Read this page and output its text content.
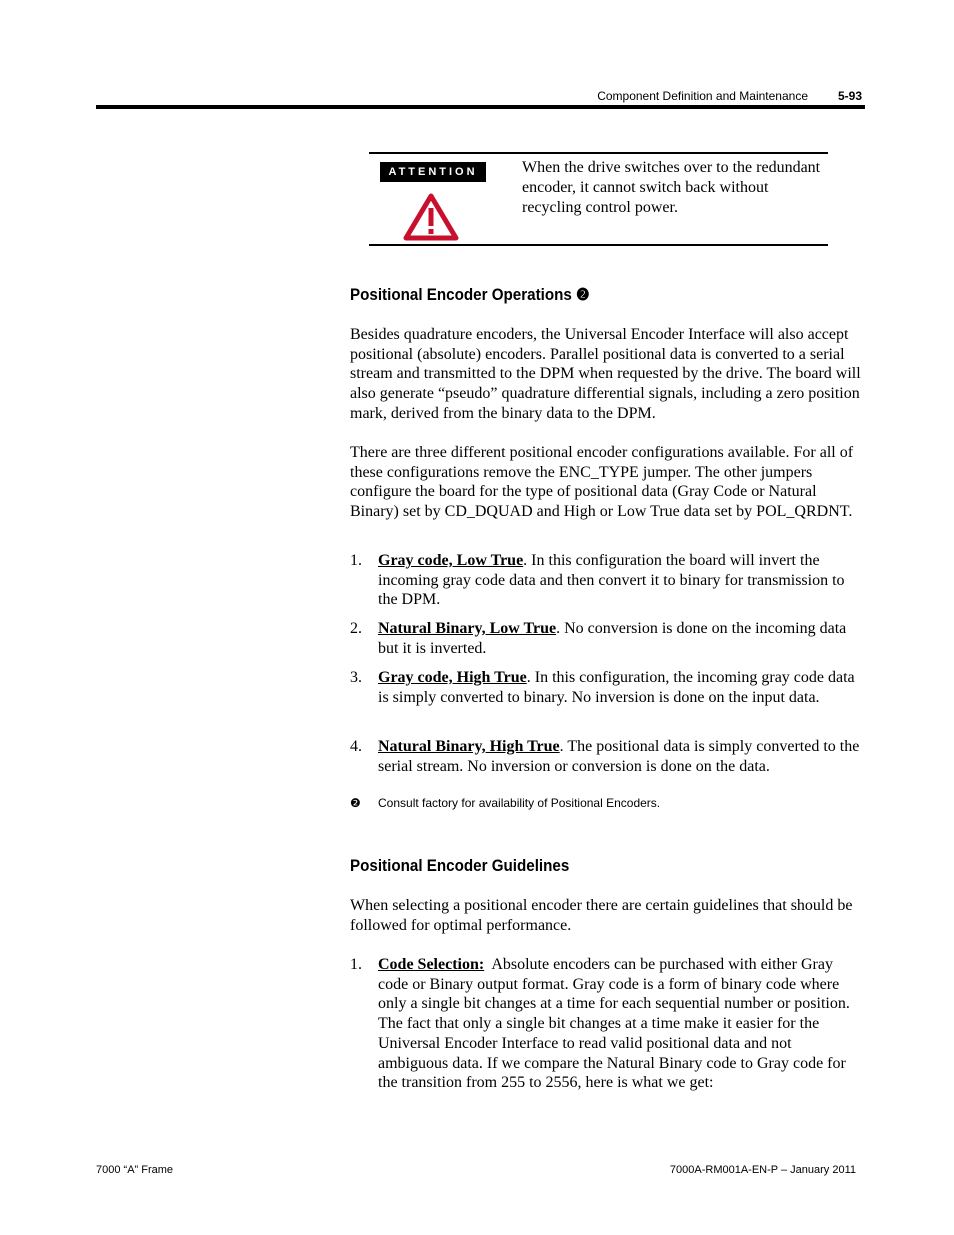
Component Definition and Maintenance	5-93
ATTENTION	When the drive switches over to the redundant encoder, it cannot switch back without recycling control power.
Positional Encoder Operations ❷
Besides quadrature encoders, the Universal Encoder Interface will also accept positional (absolute) encoders. Parallel positional data is converted to a serial stream and transmitted to the DPM when requested by the drive. The board will also generate “pseudo” quadrature differential signals, including a zero position mark, derived from the binary data to the DPM.
There are three different positional encoder configurations available. For all of these configurations remove the ENC_TYPE jumper. The other jumpers configure the board for the type of positional data (Gray Code or Natural Binary) set by CD_DQUAD and High or Low True data set by POL_QRDNT.
1. Gray code, Low True. In this configuration the board will invert the incoming gray code data and then convert it to binary for transmission to the DPM.
2. Natural Binary, Low True. No conversion is done on the incoming data but it is inverted.
3. Gray code, High True. In this configuration, the incoming gray code data is simply converted to binary. No inversion is done on the input data.
4. Natural Binary, High True. The positional data is simply converted to the serial stream. No inversion or conversion is done on the data.
❷ Consult factory for availability of Positional Encoders.
Positional Encoder Guidelines
When selecting a positional encoder there are certain guidelines that should be followed for optimal performance.
1. Code Selection:  Absolute encoders can be purchased with either Gray code or Binary output format. Gray code is a form of binary code where only a single bit changes at a time for each sequential number or position. The fact that only a single bit changes at a time make it easier for the Universal Encoder Interface to read valid positional data and not ambiguous data. If we compare the Natural Binary code to Gray code for the transition from 255 to 2556, here is what we get:
7000 “A” Frame	7000A-RM001A-EN-P – January 2011
